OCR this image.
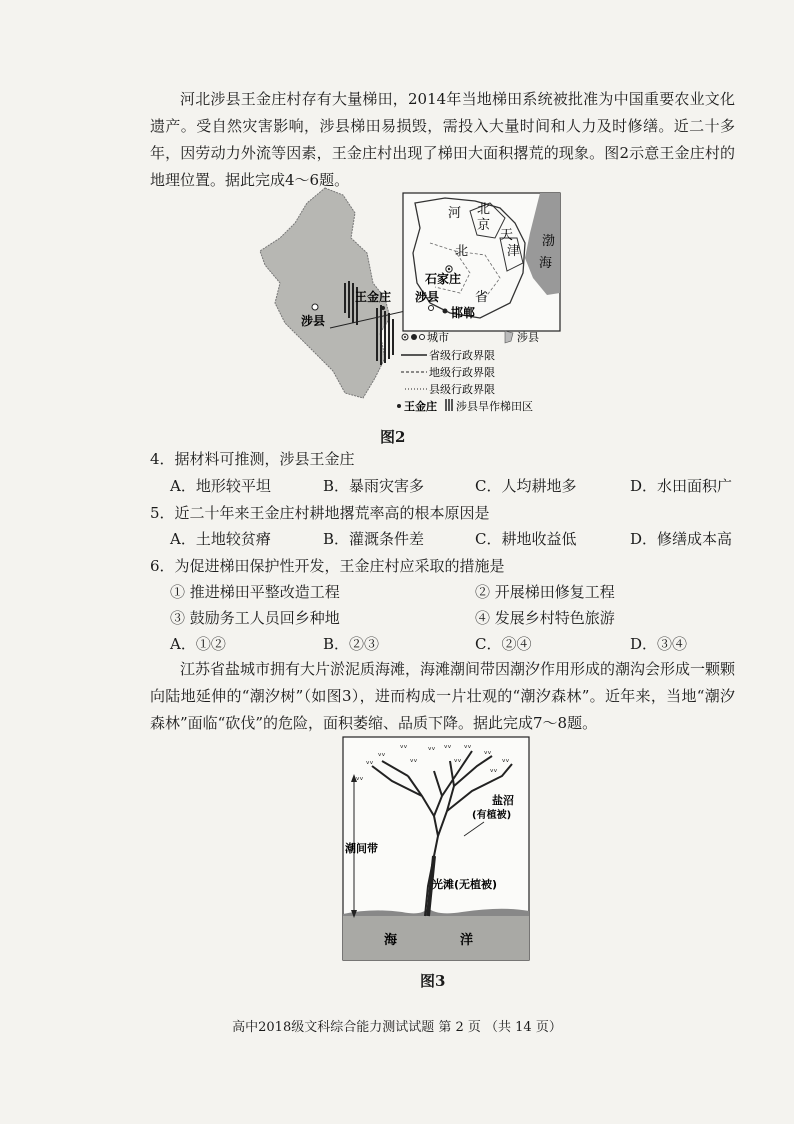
河北涉县王金庄村存有大量梯田，2014年当地梯田系统被批准为中国重要农业文化遗产。受自然灾害影响，涉县梯田易损毁，需投入大量时间和人力及时修缮。近二十多年，因劳动力外流等因素，王金庄村出现了梯田大面积撂荒的现象。图2示意王金庄村的地理位置。据此完成4～6题。
涉县
王金庄
河 北
京
天
津
渤
海
北
省
石家庄
涉县
邯郸
城市	涉县
省级行政界限
地级行政界限
县级行政界限
王金庄 涉县旱作梯田区
图2
4．据材料可推测，涉县王金庄
A．地形较平坦	B．暴雨灾害多	C．人均耕地多	D．水田面积广
5．近二十年来王金庄村耕地撂荒率高的根本原因是
A．土地较贫瘠	B．灌溉条件差	C．耕地收益低	D．修缮成本高
6．为促进梯田保护性开发，王金庄村应采取的措施是
① 推进梯田平整改造工程	② 开展梯田修复工程
③ 鼓励务工人员回乡种地	④ 发展乡村特色旅游
A．①②	B．②③	C．②④	D．③④
江苏省盐城市拥有大片淤泥质海滩，海滩潮间带因潮汐作用形成的潮沟会形成一颗颗向陆地延伸的“潮汐树”（如图3），进而构成一片壮观的“潮汐森林”。近年来，当地“潮汐森林”面临“砍伐”的危险，面积萎缩、品质下降。据此完成7～8题。
ᵥᵥ
ᵥᵥ
ᵥᵥ ᵥᵥ ᵥᵥ ᵥᵥ
ᵥᵥ
ᵥᵥ
ᵥᵥ
ᵥᵥ	ᵥᵥ
ᵥᵥ
潮间带
盐沼
(有植被)
光滩(无植被)
海	洋
图3
高中2018级文科综合能力测试试题 第 2 页 （共 14 页）
